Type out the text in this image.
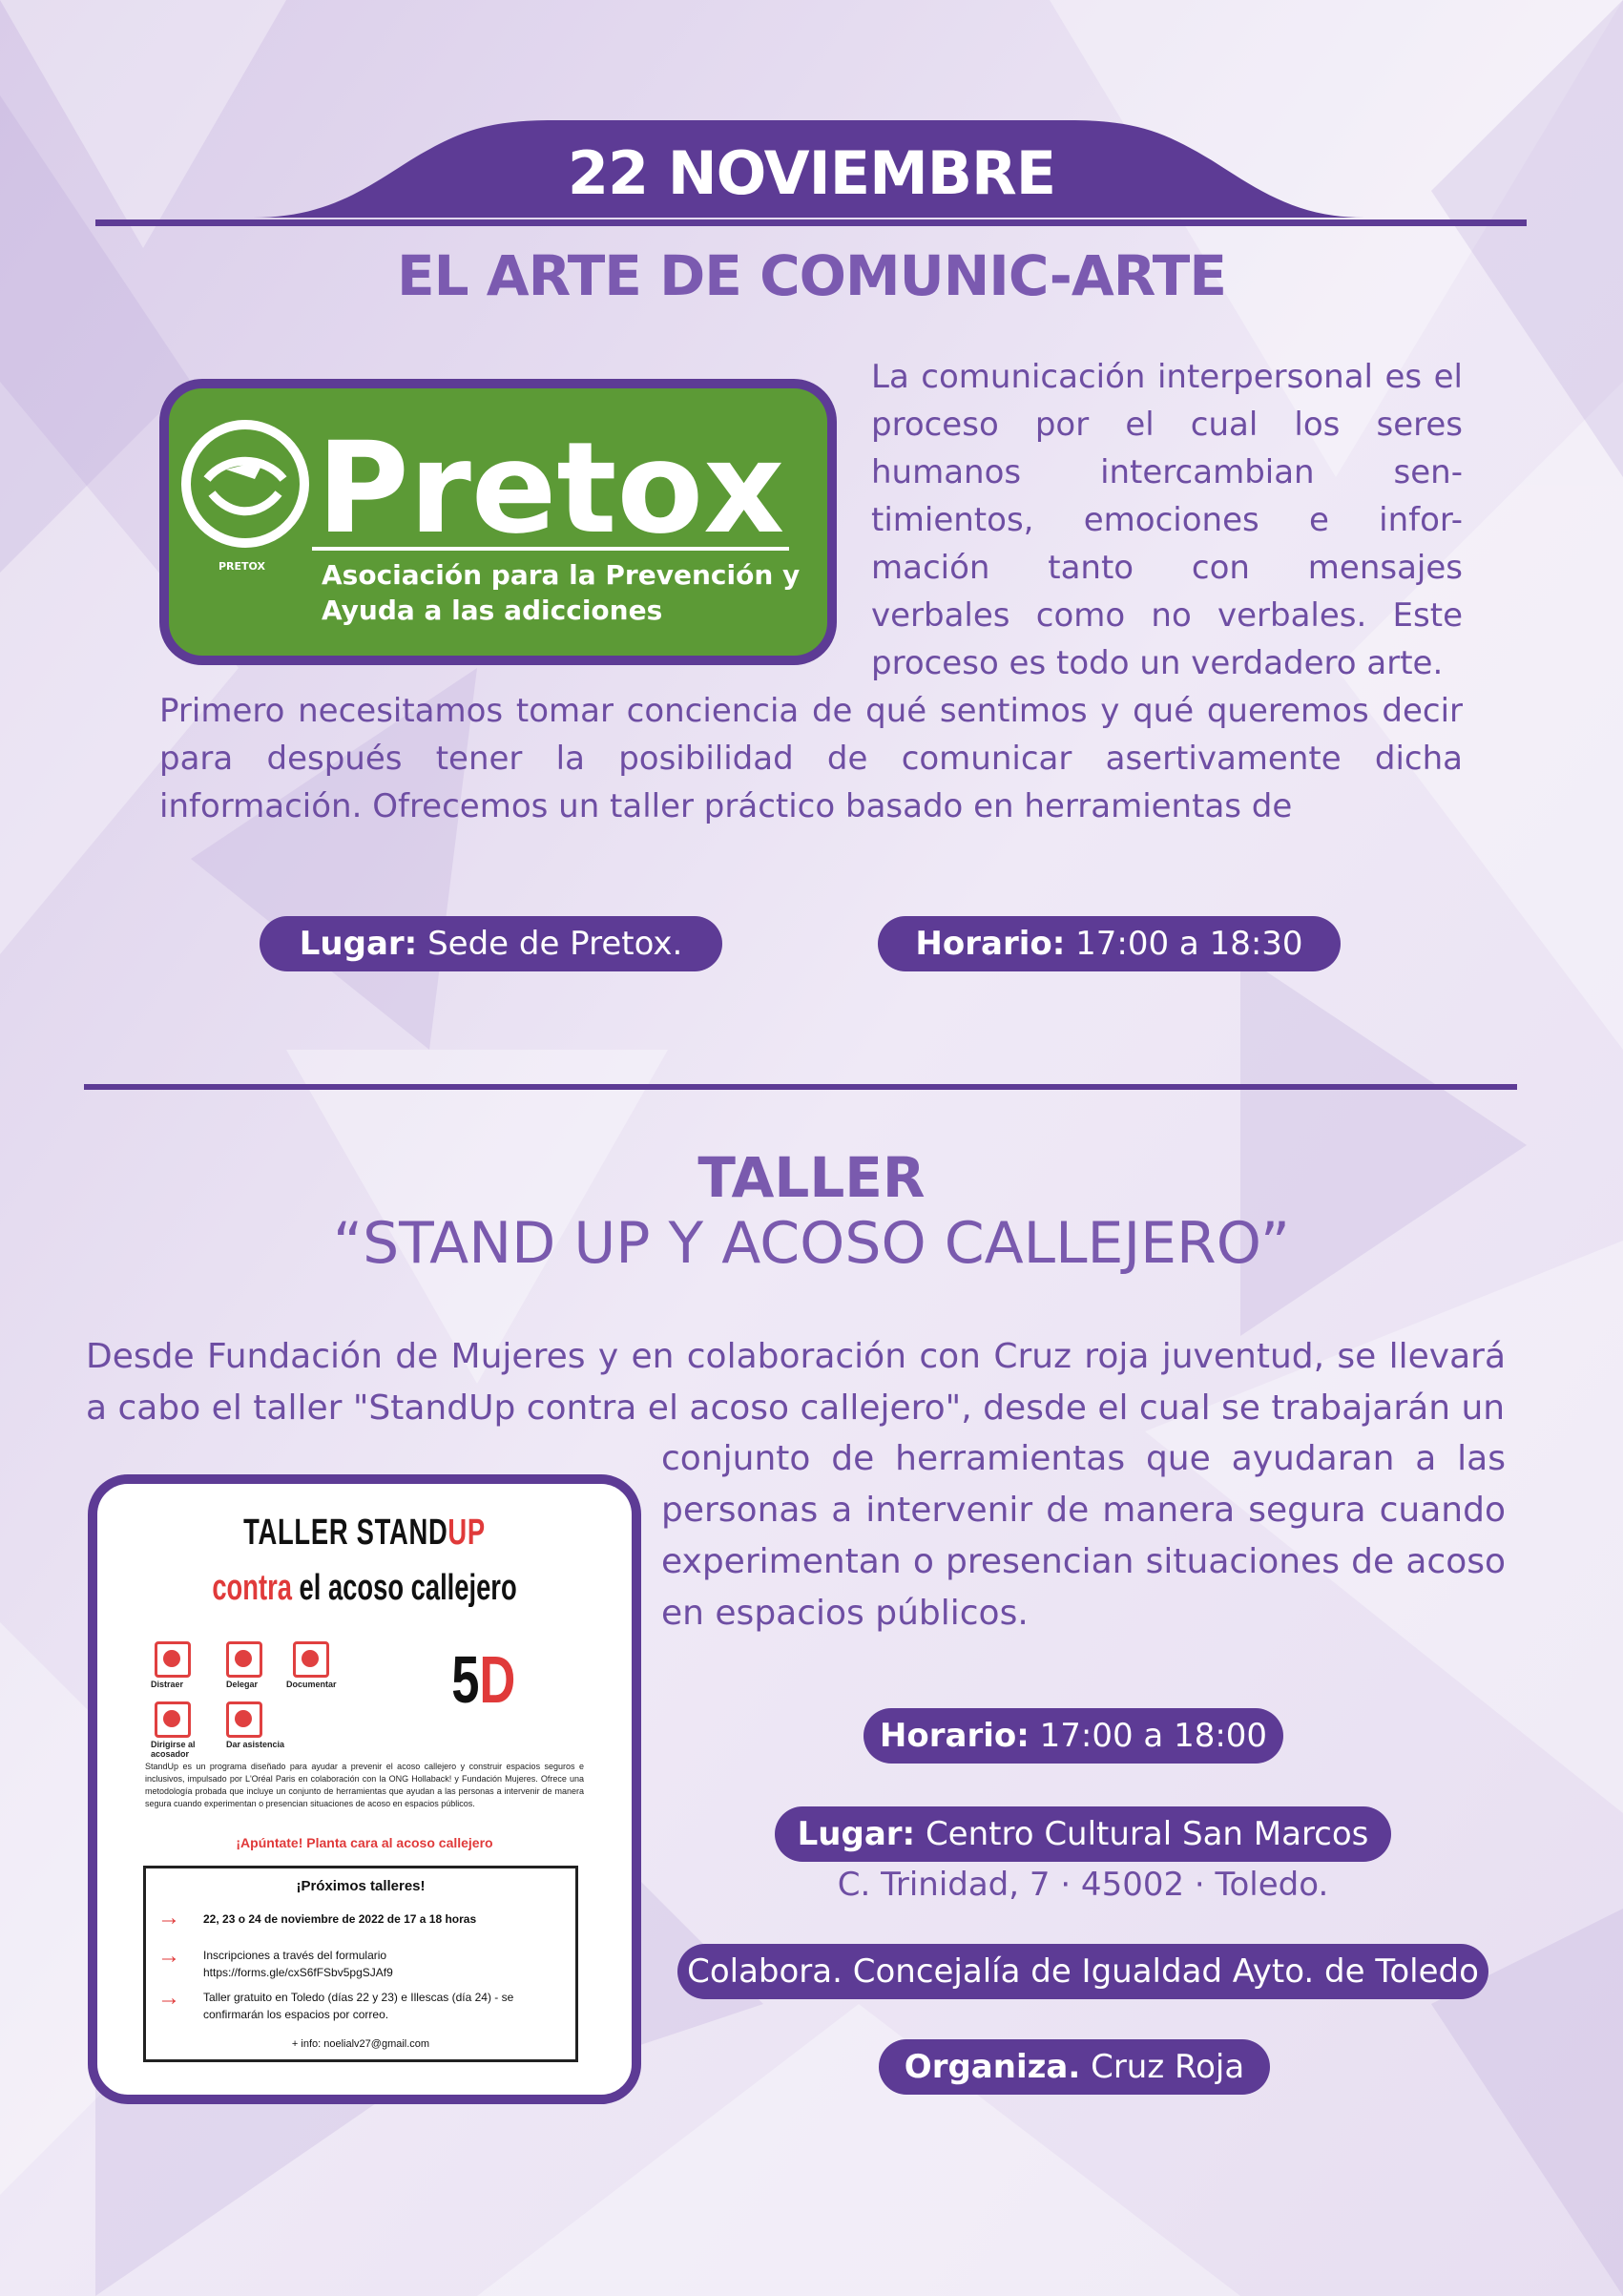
22 NOVIEMBRE
EL ARTE DE COMUNIC-ARTE
Pretox
Asociación para la Prevención y
Ayuda a las adicciones
PRETOX
La comunicación interpersonal es el proceso por el cual los seres humanos intercambian sen-timientos, emociones e infor-mación tanto con mensajes verbales como no verbales. Este proceso es todo un verdadero arte.
Primero necesitamos tomar conciencia de qué sentimos y qué queremos decir para después tener la posibilidad de comunicar asertivamente dicha información. Ofrecemos un taller práctico basado en herramientas de
Lugar: Sede de Pretox.	Horario: 17:00 a 18:30
TALLER
“STAND UP Y ACOSO CALLEJERO”
Desde Fundación de Mujeres y en colaboración con Cruz roja juventud, se llevará a cabo el taller "StandUp contra el acoso callejero", desde el cual se trabajarán un
conjunto de herramientas que ayudaran a las personas a intervenir de manera segura cuando experimentan o presencian situaciones de acoso en espacios públicos.
TALLER STANDUP
contra el acoso callejero
Distraer	Delegar	Documentar
Dirigirse al acosador
Dar asistencia
5D
StandUp es un programa diseñado para ayudar a prevenir el acoso callejero y construir espacios seguros e inclusivos, impulsado por L'Oréal Paris en colaboración con la ONG Hollaback! y Fundación Mujeres. Ofrece una metodología probada que incluye un conjunto de herramientas que ayudan a las personas a intervenir de manera segura cuando experimentan o presencian situaciones de acoso en espacios públicos.
¡Apúntate! Planta cara al acoso callejero
¡Próximos talleres!
→ 22, 23 o 24 de noviembre de 2022 de 17 a 18 horas
→ Inscripciones a través del formulario https://forms.gle/cxS6fFSbv5pgSJAf9
→ Taller gratuito en Toledo (días 22 y 23) e Illescas (día 24) - se confirmarán los espacios por correo.
+ info: noelialv27@gmail.com
Horario: 17:00 a 18:00
Lugar: Centro Cultural San Marcos
C. Trinidad, 7 · 45002 · Toledo.
Colabora. Concejalía de Igualdad Ayto. de Toledo
Organiza. Cruz Roja
